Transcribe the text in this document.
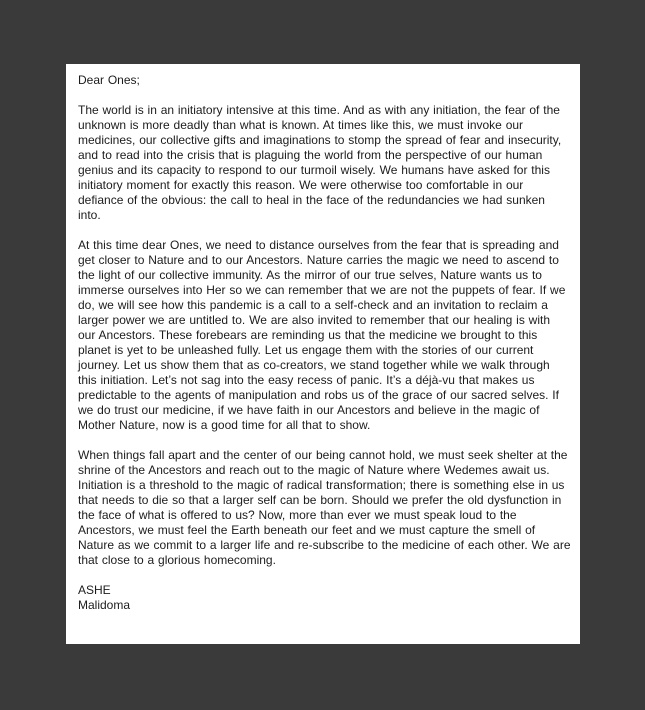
Dear Ones;

The world is in an initiatory intensive at this time. And as with any initiation, the fear of the unknown is more deadly than what is known. At times like this, we must invoke our medicines, our collective gifts and imaginations to stomp the spread of fear and insecurity, and to read into the crisis that is plaguing the world from the perspective of our human genius and its capacity to respond to our turmoil wisely. We humans have asked for this initiatory moment for exactly this reason. We were otherwise too comfortable in our defiance of the obvious: the call to heal in the face of the redundancies we had sunken into.

At this time dear Ones, we need to distance ourselves from the fear that is spreading and get closer to Nature and to our Ancestors. Nature carries the magic we need to ascend to the light of our collective immunity. As the mirror of our true selves, Nature wants us to immerse ourselves into Her so we can remember that we are not the puppets of fear. If we do, we will see how this pandemic is a call to a self-check and an invitation to reclaim a larger power we are untitled to. We are also invited to remember that our healing is with our Ancestors. These forebears are reminding us that the medicine we brought to this planet is yet to be unleashed fully. Let us engage them with the stories of our current journey. Let us show them that as co-creators, we stand together while we walk through this initiation. Let’s not sag into the easy recess of panic. It’s a déjà-vu that makes us predictable to the agents of manipulation and robs us of the grace of our sacred selves. If we do trust our medicine, if we have faith in our Ancestors and believe in the magic of Mother Nature, now is a good time for all that to show.

When things fall apart and the center of our being cannot hold, we must seek shelter at the shrine of the Ancestors and reach out to the magic of Nature where Wedemes await us. Initiation is a threshold to the magic of radical transformation; there is something else in us that needs to die so that a larger self can be born. Should we prefer the old dysfunction in the face of what is offered to us? Now, more than ever we must speak loud to the Ancestors, we must feel the Earth beneath our feet and we must capture the smell of Nature as we commit to a larger life and re-subscribe to the medicine of each other. We are that close to a glorious homecoming.

ASHE

Malidoma
